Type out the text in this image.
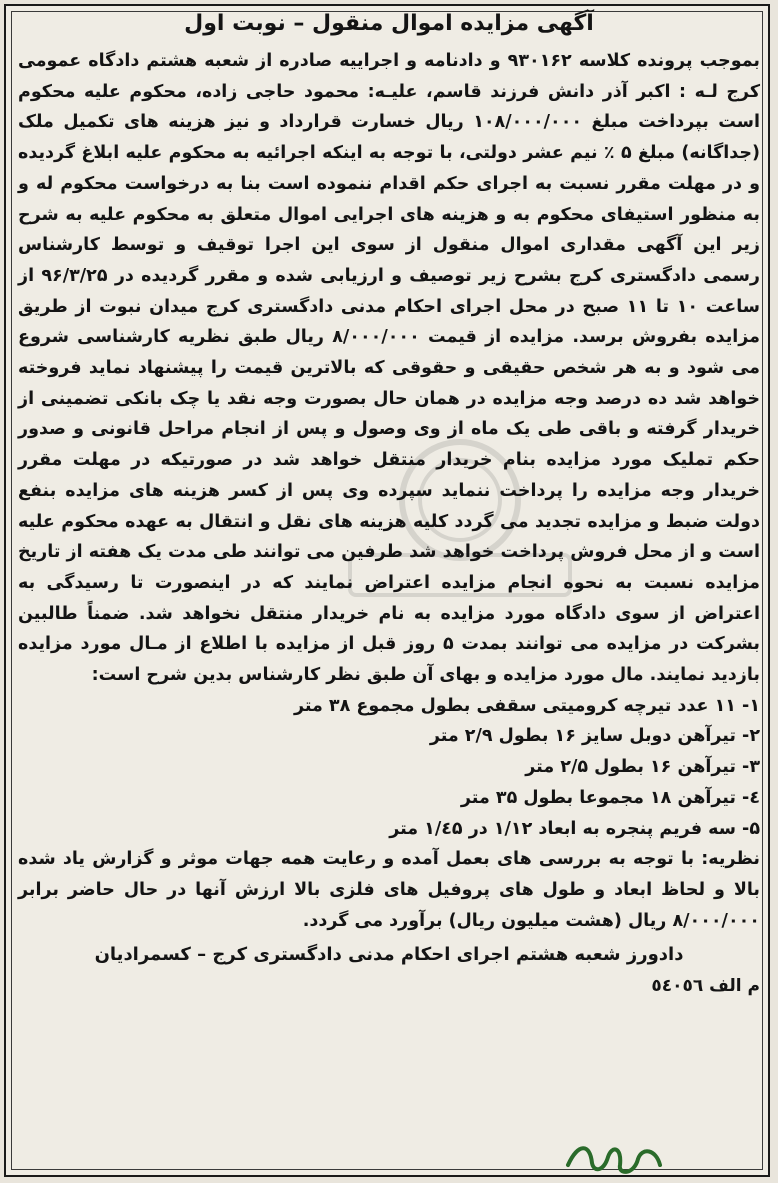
آگهی مزایده اموال منقول – نوبت اول

بموجب پرونده کلاسه ۹۳۰۱۶۲ و دادنامه و اجراییه صادره از شعبه هشتم دادگاه عمومی کرج لـه : اکبر آذر دانش فرزند قاسم، علیـه: محمود حاجی زاده، محکوم علیه محکوم است بپرداخت مبلغ ۱۰۸/۰۰۰/۰۰۰ ریال خسارت قرارداد و نیز هزینه های تکمیل ملک (جداگانه) مبلغ ۵ ٪ نیم عشر دولتی، با توجه به اینکه اجرائیه به محکوم علیه ابلاغ گردیده و در مهلت مقرر نسبت به اجرای حکم اقدام ننموده است بنا به درخواست محکوم له و به منظور استیفای محکوم به و هزینه های اجرایی اموال متعلق به محکوم علیه به شرح زیر این آگهی مقداری اموال منقول از سوی این اجرا توقیف و توسط کارشناس رسمی دادگستری کرج بشرح زیر توصیف و ارزیابی شده و مقرر گردیده در ۹۶/۳/۲۵ از ساعت ۱۰ تا ۱۱ صبح در محل اجرای احکام مدنی دادگستری کرج میدان نبوت از طریق مزایده بفروش برسد. مزایده از قیمت ۸/۰۰۰/۰۰۰ ریال طبق نظریه کارشناسی شروع می شود و به هر شخص حقیقی و حقوقی که بالاترین قیمت را پیشنهاد نماید فروخته خواهد شد ده درصد وجه مزایده در همان حال بصورت وجه نقد یا چک بانکی تضمینی از خریدار گرفته و باقی طی یک ماه از وی وصول و پس از انجام مراحل قانونی و صدور حکم تملیک مورد مزایده بنام خریدار منتقل خواهد شد در صورتیکه در مهلت مقرر خریدار وجه مزایده را پرداخت ننماید سپرده وی پس از کسر هزینه های مزایده بنفع دولت ضبط و مزایده تجدید می گردد کلیه هزینه های نقل و انتقال به عهده محکوم علیه است و از محل فروش پرداخت خواهد شد طرفین می توانند طی مدت یک هفته از تاریخ مزایده نسبت به نحوه انجام مزایده اعتراض نمایند که در اینصورت تا رسیدگی به اعتراض از سوی دادگاه مورد مزایده به نام خریدار منتقل نخواهد شد. ضمناً طالبین بشرکت در مزایده می توانند بمدت ۵ روز قبل از مزایده با اطلاع از مـال مورد مزایده بازدید نمایند. مال مورد مزایده و بهای آن طبق نظر کارشناس بدین شرح است:

۱- ۱۱ عدد تیرچه کرومیتی سقفی بطول مجموع ۳۸ متر
۲- تیرآهن دوبل سایز ۱۶ بطول ۲/۹ متر
۳- تیرآهن ۱۶ بطول ۲/۵ متر
٤- تیرآهن ۱۸ مجموعا بطول ۳۵ متر
۵- سه فریم پنجره به ابعاد ۱/۱۲ در ۱/٤۵ متر

نظریه: با توجه به بررسی های بعمل آمده و رعایت همه جهات موثر و گزارش یاد شده بالا و لحاظ ابعاد و طول های پروفیل های فلزی بالا ارزش آنها در حال حاضر برابر ۸/۰۰۰/۰۰۰ ریال (هشت میلیون ریال) برآورد می گردد.

دادورز شعبه هشتم اجرای احکام مدنی دادگستری کرج – کسمرادیان

م الف ٥٤٠٥٦
